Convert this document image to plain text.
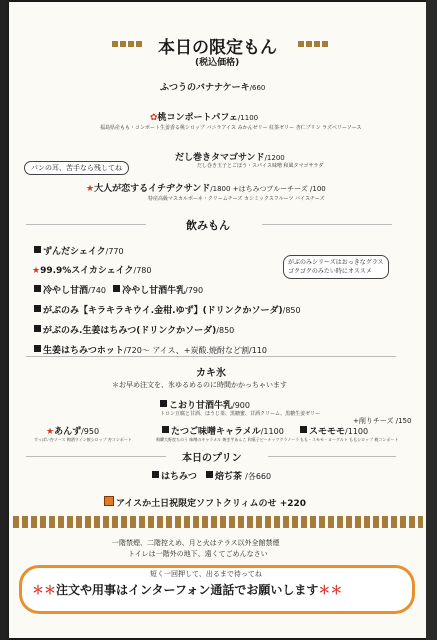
本日の限定もん
(税込価格)
ふつうのバナナケーキ/660
✿桃コンポートパフェ/1100
福島県産もも・コンポート生姜香る桃シロップ バニラアイス みかんゼリー 紅茶ゼリー 杏仁プリン ラズベリーソース
だし巻きタマゴサンド/1200
だし巻き玉子とごぼう・スパイス味噌 和風タマゴサラダ
パンの耳、苦手なら残してね
★大人が恋するイチヂクサンド/1800 +はちみつブルーチーズ /100
特産高級マスカルポーネ・クリームチーズ カシミックスフルーツ バイスチーズ
飲みもん
ずんだシェイク/770
★99.9%スイカシェイク/780
冷やし甘酒/740 冷やし甘酒牛乳/790
がぶのみ【キラキラキウイ.金柑.ゆず】(ドリンクかソーダ)/850
がぶのみ.生姜はちみつ(ドリンクかソーダ)/850
生姜はちみつホット/720〜 アイス、+炭酸.焼酎など割/110
がぶのみシリーズはおっきなグラス
ゴクゴクのみたい時にオススメ
カキ氷
＊お早め注文を、氷ゆるめるのに時間かかっちゃいます
こおり甘酒牛乳/900
トロン豆腐と甘酒、ほうじ茶、黒糖蜜、甘酒クリーム、黒糖生姜ゼリー
+削りチーズ /150
★あんず/950
すっぱい杏ソース 梅酒ワイン飲シロップ 杏コンポート
たつご味噌キャラメル/1100
飛驒大野産ちのう 味噌のキャラメル 焼き芋あんこ 和菓子ビーナッツグラノーラ
スモモモ/1100
もも・スモモ・ヨーグルト ももシロップ 桃コンポート
本日のプリン
はちみつ 焙ぢ茶 /各660
アイスか土日祝限定ソフトクリィムのせ +220
一階禁煙、二階控えめ、月と火はテラス以外全館禁煙
トイレは一階外の地下、遠くてごめんなさい
短く一回押して、出るまで待ってね
＊＊注文や用事はインターフォン通話でお願いします＊＊
